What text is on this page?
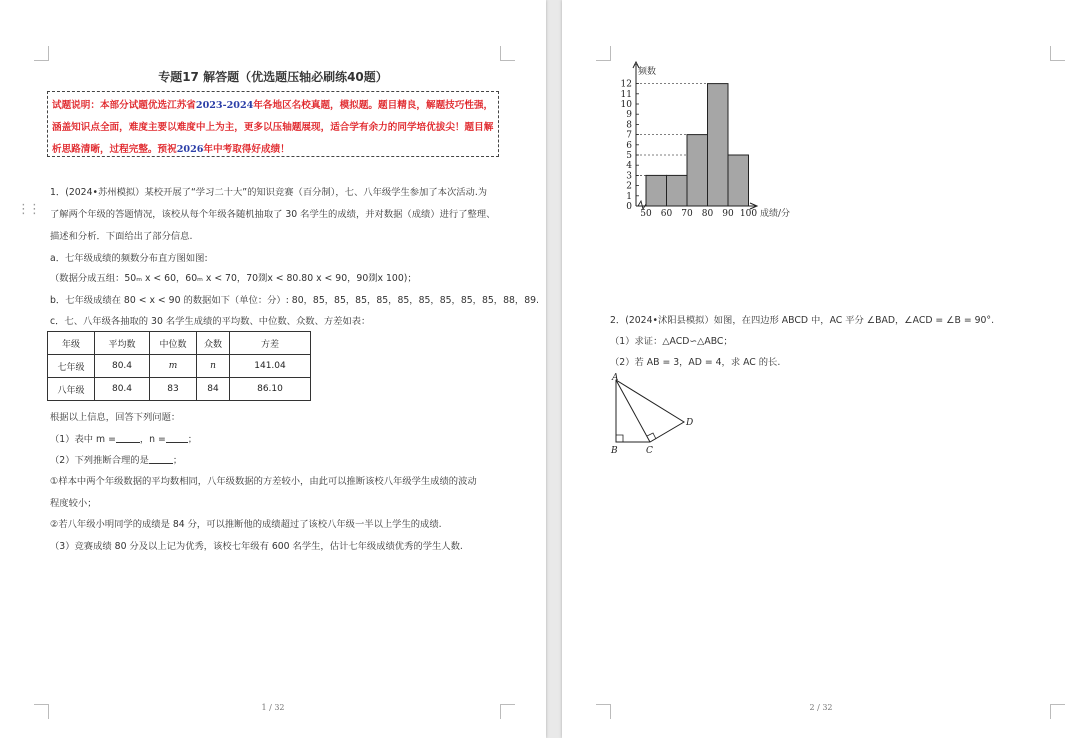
专题17 解答题（优选题压轴必刷练40题）
试题说明：本部分试题优选江苏省2023-2024年各地区名校真题，模拟题。题目精良，解题技巧性强，涵盖知识点全面，难度主要以难度中上为主，更多以压轴题展现，适合学有余力的同学培优拔尖！题目解析思路清晰，过程完整。预祝2026年中考取得好成绩！
⋮⋮
1．(2024•苏州模拟）某校开展了“学习二十大”的知识竞赛（百分制），七、八年级学生参加了本次活动.为
了解两个年级的答题情况，该校从每个年级各随机抽取了 30 名学生的成绩，并对数据（成绩）进行了整理、
描述和分析．下面给出了部分信息.
a．七年级成绩的频数分布直方图如图:
（数据分成五组：50ₘ x < 60，60ₘ x < 70，70剟x < 80.80 x < 90，90剟x 100)；
b．七年级成绩在 80 < x < 90 的数据如下（单位：分）: 80，85，85，85，85，85，85，85，85，85，88，89.
c．七、八年级各抽取的 30 名学生成绩的平均数、中位数、众数、方差如表：
年级	平均数	中位数	众数	方差
七年级	80.4	m	n	141.04
八年级	80.4	83	84	86.10
根据以上信息，回答下列问题：
（1）表中 m =	，n = ；
（2）下列推断合理的是	；
①样本中两个年级数据的平均数相同，八年级数据的方差较小，由此可以推断该校八年级学生成绩的波动
程度较小；
②若八年级小明同学的成绩是 84 分，可以推断他的成绩超过了该校八年级一半以上学生的成绩.
（3）竞赛成绩 80 分及以上记为优秀，该校七年级有 600 名学生，估计七年级成绩优秀的学生人数.
1 / 32
0
1
2
3
4
5
6
7
8
9
10
11
12
50 60 70 80 90 100
频数
成绩/分
2．(2024•沭阳县模拟）如图，在四边形 ABCD 中，AC 平分 ∠BAD，∠ACD = ∠B = 90°.
（1）求证：△ACD∽△ABC；
（2）若 AB = 3，AD = 4，求 AC 的长.
A
B	C
D
2 / 32
